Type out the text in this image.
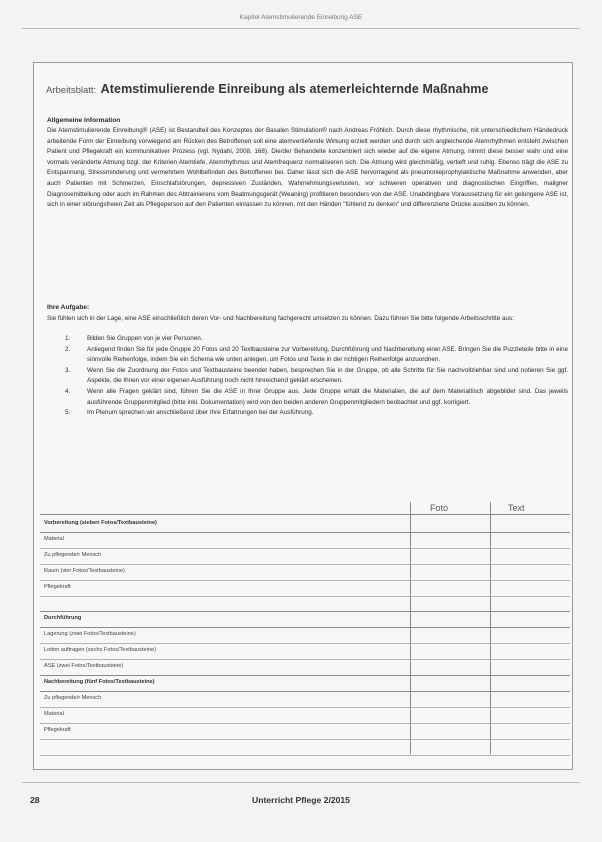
Kapitel Atemstimulierende Einreibung ASE
Arbeitsblatt: Atemstimulierende Einreibung als atemerleichternde Maßnahme
Allgemeine Information
Die Atemstimulierende Einreibung® (ASE) ist Bestandteil des Konzeptes der Basalen Stimulation® nach Andreas Fröhlich. Durch diese rhythmische, mit unterschiedlichem Händedruck arbeitende Form der Einreibung vorwiegend am Rücken des Betroffenen soll eine atemvertiefende Wirkung erzielt werden und durch sich angleichende Atemrhythmen entsteht zwischen Patient und Pflegekraft ein kommunikativer Prozess (vgl. Nydahl, 2008, 168). Die/der Behandelte konzentriert sich wieder auf die eigene Atmung, nimmt diese besser wahr und eine vormals veränderte Atmung bzgl. der Kriterien Atemtiefe, Atemrhythmus und Atemfrequenz normalisieren sich. Die Atmung wird gleichmäßig, vertieft und ruhig. Ebenso trägt die ASE zu Entspannung, Stressminderung und vermehrtem Wohlbefinden des Betroffenen bei. Daher lässt sich die ASE hervorragend als pneumonieprophylaktische Maßnahme anwenden, aber auch Patienten mit Schmerzen, Einschlafstörungen, depressiven Zuständen, Wahrnehmungsverlusten, vor schweren operativen und diagnostischen Eingriffen, maligner Diagnosemitteilung oder auch im Rahmen des Abtrainierens vom Beatmungsgerät (Weaning) profitieren besonders von der ASE. Unabdingbare Voraussetzung für ein gelungene ASE ist, sich in einer störungsfreien Zeit als Pflegeperson auf den Patienten einlassen zu können, mit den Händen "fühlend zu denken" und differenzierte Drücke ausüben zu können.
Ihre Aufgabe:
Sie fühlen sich in der Lage, eine ASE einschließlich deren Vor- und Nachbereitung fachgerecht umsetzen zu können. Dazu führen Sie bitte folgende Arbeitsschritte aus:
1.	Bilden Sie Gruppen von je vier Personen.
2.	Anliegend finden Sie für jede Gruppe 20 Fotos und 20 Textbausteine zur Vorbereitung, Durchführung und Nachbereitung einer ASE. Bringen Sie die Puzzleteile bitte in eine sinnvolle Reihenfolge, indem Sie ein Schema wie unten anlegen, um Fotos und Texte in der richtigen Reihenfolge anzuordnen.
3.	Wenn Sie die Zuordnung der Fotos und Textbausteine beendet haben, besprechen Sie in der Gruppe, ob alle Schritte für Sie nachvollziehbar sind und notieren Sie ggf. Aspekte, die Ihnen vor einer eigenen Ausführung noch nicht hinreichend geklärt erscheinen.
4.	Wenn alle Fragen geklärt sind, führen Sie die ASE in Ihrer Gruppe aus. Jede Gruppe erhält die Materialien, die auf dem Materialtisch abgebildet sind. Das jeweils ausführende Gruppenmitglied (bitte inkl. Dokumentation) wird von den beiden anderen Gruppenmitgliedern beobachtet und ggf. korrigiert.
5.	Im Plenum sprechen wir anschließend über Ihre Erfahrungen bei der Ausführung.
Foto	Text
Vorbereitung (sieben Fotos/Textbausteine)
Material
Zu pflegende/r Mensch
Raum (vier Fotos/Textbausteine)
Pflegekraft
Durchführung
Lagerung (zwei Fotos/Textbausteine)
Lotion auftragen (sechs Fotos/Textbausteine)
ASE (zwei Fotos/Textbausteine)
Nachbereitung (fünf Fotos/Textbausteine)
Zu pflegende/r Mensch
Material
Pflegekraft
28	Unterricht Pflege 2/2015
